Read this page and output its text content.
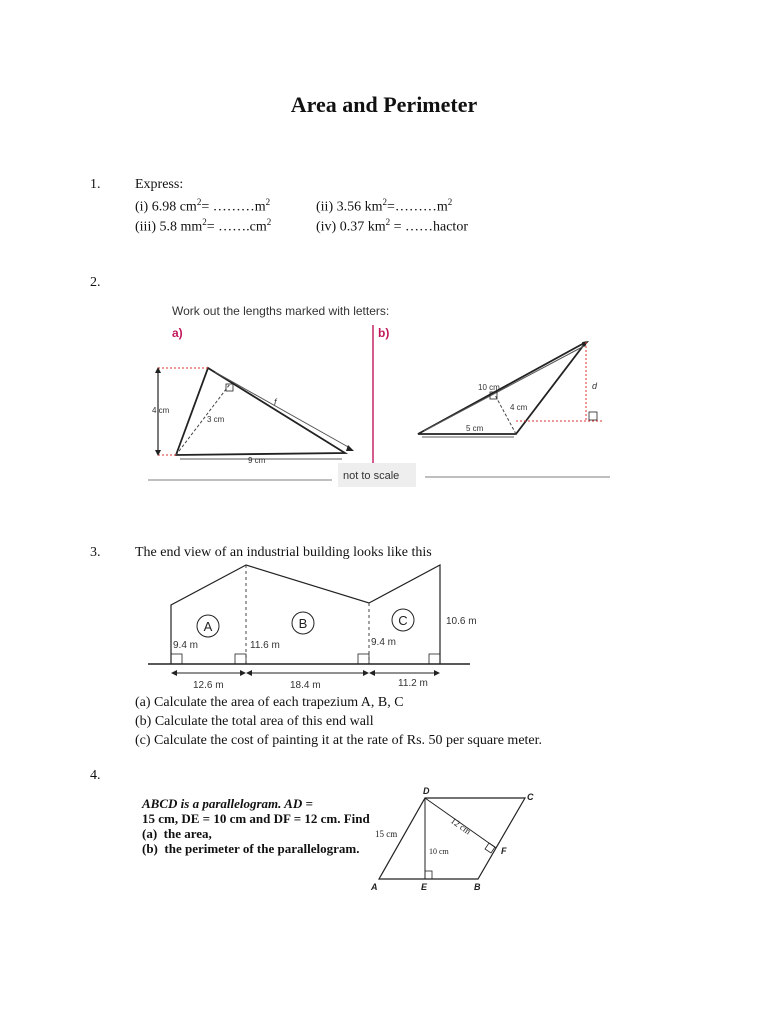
Area and Perimeter
1. Express:
(i) 6.98 $cm^2=$ $\dots\dots\dots m^2$	(ii) 3.56 $km^2=\dots\dots\dots m^2$
(iii) 5.8 $mm^2=$ $\dots\dots.cm^2$	(iv) 0.37 $km^2$ = ……hactor
2.
Work out the lengths marked with letters:
a)	b)
4 cm
3 cm
9 cm
f
10 cm
4 cm
5 cm
d
not to scale
3. The end view of an industrial building looks like this
A	B	C
9.4 m	11.6 m	9.4 m
10.6 m
12.6 m	18.4 m	11.2 m
(a) Calculate the area of each trapezium A, B, C
(b) Calculate the total area of this end wall
(c) Calculate the cost of painting it at the rate of Rs. 50 per square meter.
4.
ABCD is a parallelogram. AD =
15 cm, DE = 10 cm and DF = 12 cm. Find
(a) the area,
(b) the perimeter of the parallelogram.
D
C
A	E	B
F
15 cm
10 cm
12 cm
